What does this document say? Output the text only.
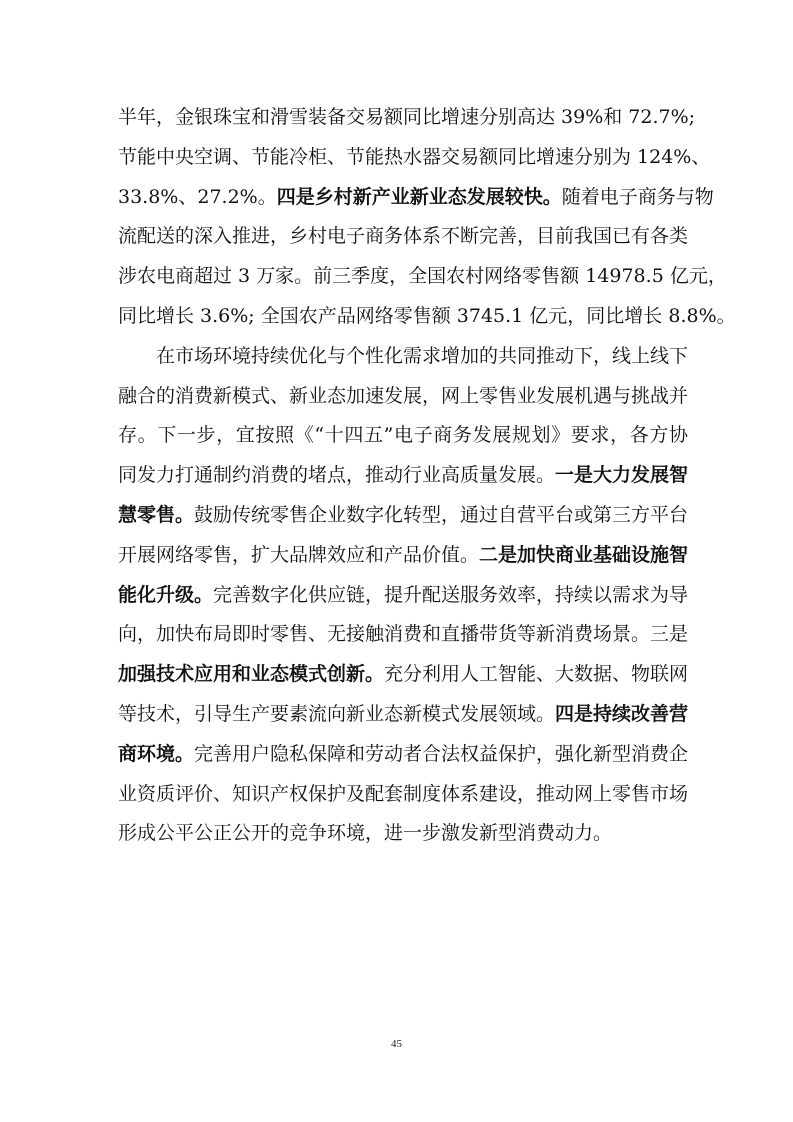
半年，金银珠宝和滑雪装备交易额同比增速分别高达 39%和 72.7%;
节能中央空调、节能冷柜、节能热水器交易额同比增速分别为 124%、
33.8%、27.2%。四是乡村新产业新业态发展较快。随着电子商务与物
流配送的深入推进，乡村电子商务体系不断完善，目前我国已有各类
涉农电商超过 3 万家。前三季度，全国农村网络零售额 14978.5 亿元，
同比增长 3.6%; 全国农产品网络零售额 3745.1 亿元，同比增长 8.8%。
在市场环境持续优化与个性化需求增加的共同推动下，线上线下
融合的消费新模式、新业态加速发展，网上零售业发展机遇与挑战并
存。下一步，宜按照《“十四五”电子商务发展规划》要求，各方协
同发力打通制约消费的堵点，推动行业高质量发展。一是大力发展智
慧零售。鼓励传统零售企业数字化转型，通过自营平台或第三方平台
开展网络零售，扩大品牌效应和产品价值。二是加快商业基础设施智
能化升级。完善数字化供应链，提升配送服务效率，持续以需求为导
向，加快布局即时零售、无接触消费和直播带货等新消费场景。三是
加强技术应用和业态模式创新。充分利用人工智能、大数据、物联网
等技术，引导生产要素流向新业态新模式发展领域。四是持续改善营
商环境。完善用户隐私保障和劳动者合法权益保护，强化新型消费企
业资质评价、知识产权保护及配套制度体系建设，推动网上零售市场
形成公平公正公开的竞争环境，进一步激发新型消费动力。
45
